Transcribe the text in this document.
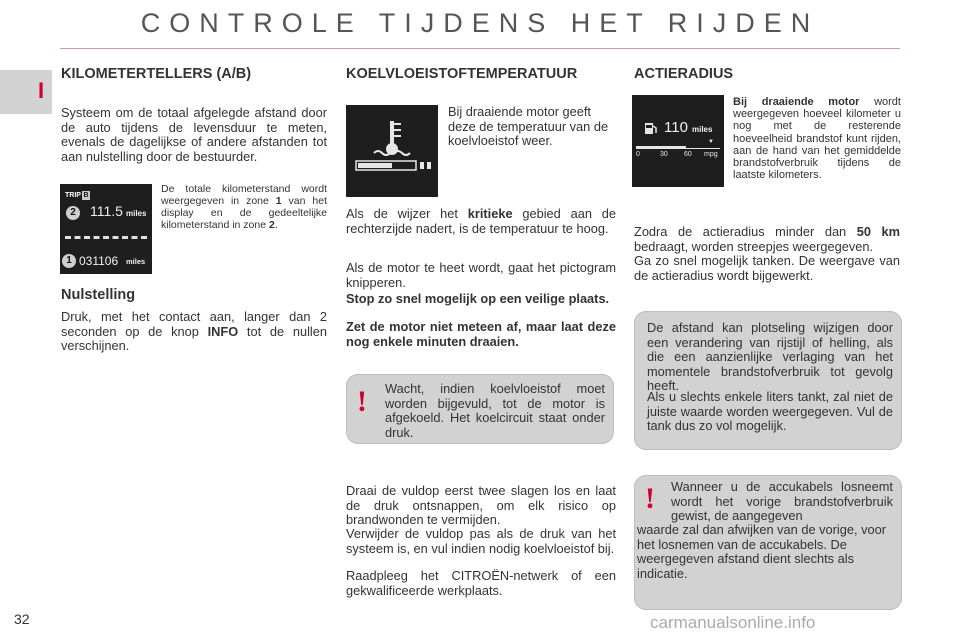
CONTROLE TIJDENS HET RIJDEN
I
KILOMETERTELLERS (A/B)
Systeem om de totaal afgelegde afstand door de auto tijdens de levensduur te meten, evenals de dagelijkse of andere afstanden tot aan nulstelling door de bestuurder.
TRIP B
2	111.5 miles
1 031106 miles
De totale kilometerstand wordt weergegeven in zone 1 van het display en de gedeeltelijke kilometerstand in zone 2.
Nulstelling
Druk, met het contact aan, langer dan 2 seconden op de knop INFO tot de nullen verschijnen.
KOELVLOEISTOFTEMPERATUUR
Bij draaiende motor geeft deze de temperatuur van de koelvloeistof weer.
Als de wijzer het kritieke gebied aan de rechterzijde nadert, is de temperatuur te hoog.
Als de motor te heet wordt, gaat het pictogram knipperen.
Stop zo snel mogelijk op een veilige plaats.
Zet de motor niet meteen af, maar laat deze nog enkele minuten draaien.
! Wacht, indien koelvloeistof moet worden bijgevuld, tot de motor is afgekoeld. Het koelcircuit staat onder druk.
Draai de vuldop eerst twee slagen los en laat de druk ontsnappen, om elk risico op brandwonden te vermijden.
Verwijder de vuldop pas als de druk van het systeem is, en vul indien nodig koelvloeistof bij.
Raadpleeg het CITROËN-netwerk of een gekwalificeerde werkplaats.
ACTIERADIUS
110 miles
▼
0	30 60 mpg
Bij draaiende motor wordt weergegeven hoeveel kilometer u nog met de resterende hoeveelheid brandstof kunt rijden, aan de hand van het gemiddelde brandstofverbruik tijdens de laatste kilometers.
Zodra de actieradius minder dan 50 km bedraagt, worden streepjes weergegeven.
Ga zo snel mogelijk tanken. De weergave van de actieradius wordt bijgewerkt.
De afstand kan plotseling wijzigen door een verandering van rijstijl of helling, als die een aanzienlijke verlaging van het momentele brandstofverbruik tot gevolg heeft.
Als u slechts enkele liters tankt, zal niet de juiste waarde worden weergegeven. Vul de tank dus zo vol mogelijk.
! Wanneer u de accukabels losneemt wordt het vorige brandstofverbruik gewist, de aangegeven
waarde zal dan afwijken van de vorige, voor het losnemen van de accukabels. De weergegeven afstand dient slechts als indicatie.
32	carmanualsonline.info
